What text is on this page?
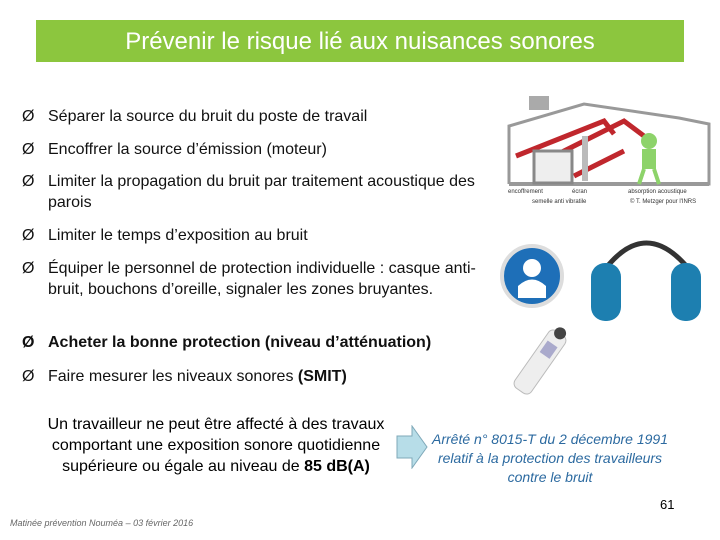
Prévenir le risque lié aux nuisances sonores
Ø Séparer la source du bruit du poste de travail
Ø Encoffrer la source d’émission (moteur)
Ø Limiter la propagation du bruit par traitement acoustique des parois
Ø Limiter le temps d’exposition au bruit
Ø Équiper le personnel de protection individuelle : casque anti-bruit, bouchons d’oreille, signaler les zones bruyantes.
Ø Acheter la bonne protection (niveau d’atténuation)
Ø Faire mesurer les niveaux sonores (SMIT)
encoffrement	écran	absorption acoustique
semelle anti vibratile	© T. Metzger pour l'INRS
Un travailleur ne peut être affecté à des travaux comportant une exposition sonore quotidienne supérieure ou égale au niveau de 85 dB(A)
Arrêté n° 8015-T du 2 décembre 1991 relatif à la protection des travailleurs contre le bruit
61
Matinée prévention Nouméa – 03 février 2016
